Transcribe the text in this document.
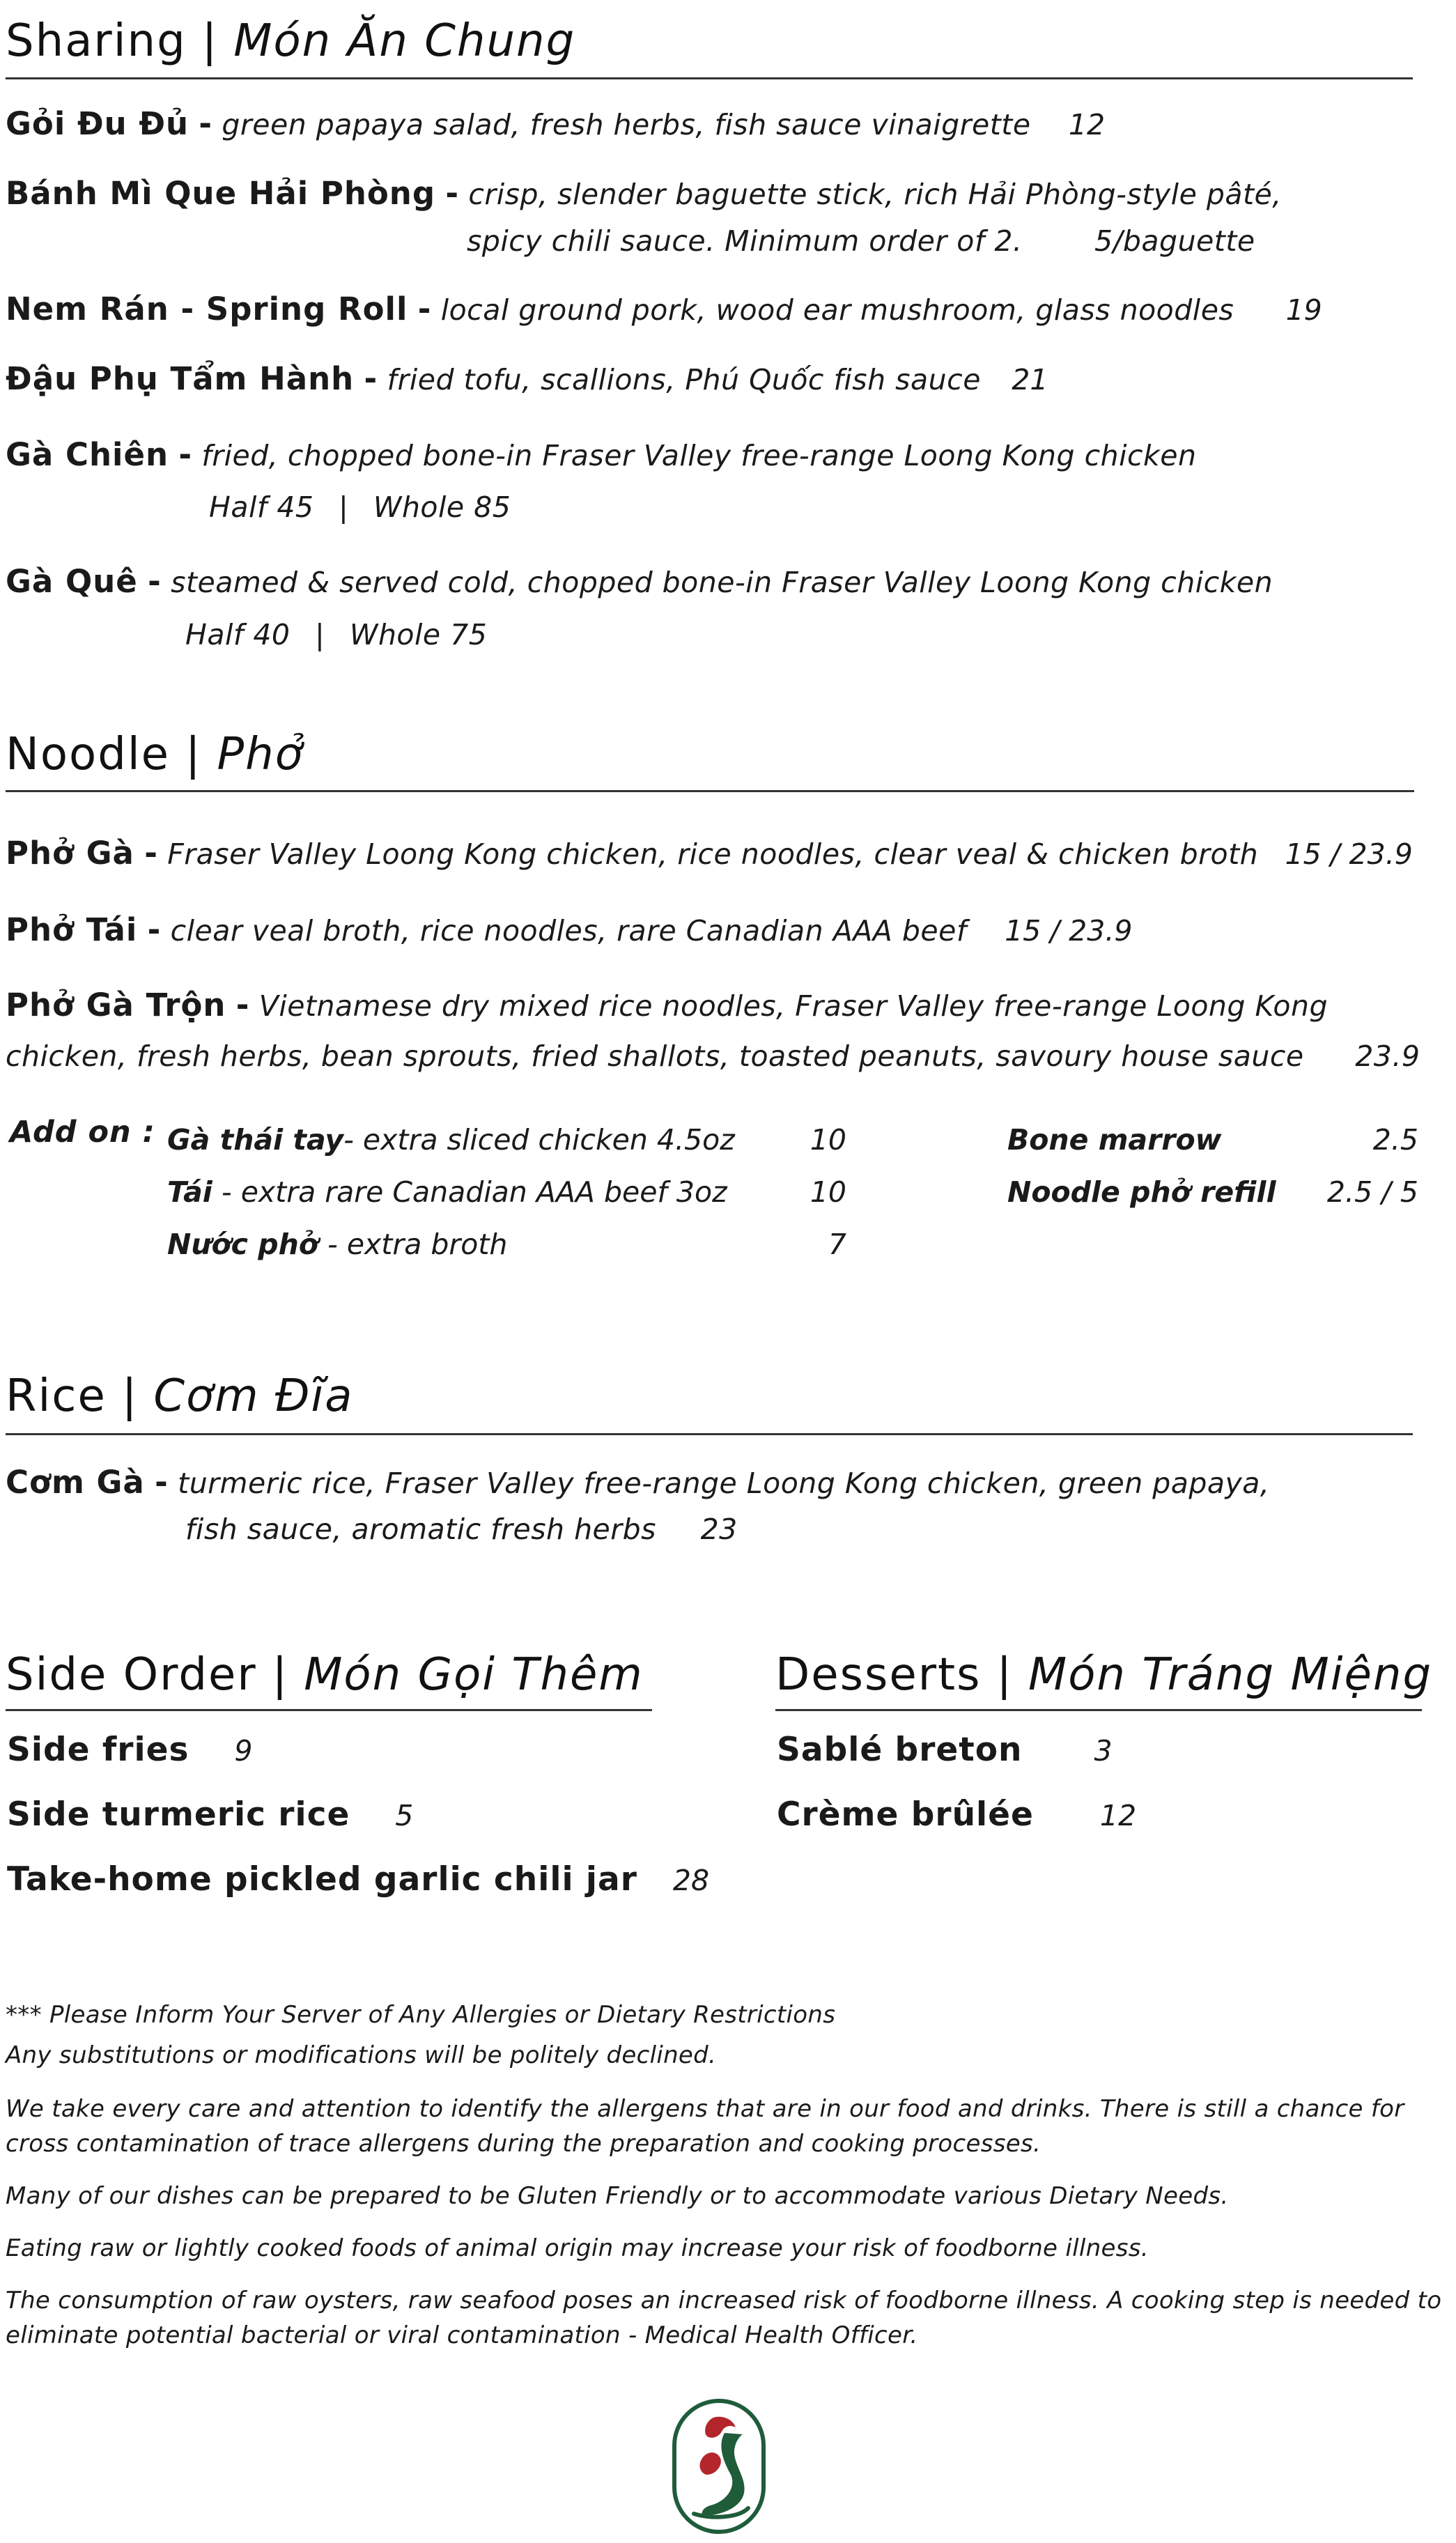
Sharing | Món Ăn Chung
Gỏi Đu Đủ - green papaya salad, fresh herbs, fish sauce vinaigrette 12
Bánh Mì Que Hải Phòng - crisp, slender baguette stick, rich Hải Phòng-style pâté,
spicy chili sauce. Minimum order of 2.	5/baguette
Nem Rán - Spring Roll - local ground pork, wood ear mushroom, glass noodles 19
Đậu Phụ Tẩm Hành - fried tofu, scallions, Phú Quốc fish sauce 21
Gà Chiên - fried, chopped bone-in Fraser Valley free-range Loong Kong chicken
Half 45 | Whole 85
Gà Quê - steamed & served cold, chopped bone-in Fraser Valley Loong Kong chicken
Half 40 | Whole 75
Noodle | Phở
Phở Gà - Fraser Valley Loong Kong chicken, rice noodles, clear veal & chicken broth 15 / 23.9
Phở Tái - clear veal broth, rice noodles, rare Canadian AAA beef 15 / 23.9
Phở Gà Trộn - Vietnamese dry mixed rice noodles, Fraser Valley free-range Loong Kong
chicken, fresh herbs, bean sprouts, fried shallots, toasted peanuts, savoury house sauce 23.9
Add on : Gà thái tay- extra sliced chicken 4.5oz	10
Tái - extra rare Canadian AAA beef 3oz	10
Nước phở - extra broth	7
Bone marrow	2.5
Noodle phở refill	2.5 / 5
Rice | Cơm Đĩa
Cơm Gà - turmeric rice, Fraser Valley free-range Loong Kong chicken, green papaya,
fish sauce, aromatic fresh herbs 23
Side Order | Món Gọi Thêm
Side fries 9
Side turmeric rice 5
Take-home pickled garlic chili jar 28
Desserts | Món Tráng Miệng
Sablé breton	3
Crème brûlée 12
*** Please Inform Your Server of Any Allergies or Dietary Restrictions
Any substitutions or modifications will be politely declined.
We take every care and attention to identify the allergens that are in our food and drinks. There is still a chance for
cross contamination of trace allergens during the preparation and cooking processes.
Many of our dishes can be prepared to be Gluten Friendly or to accommodate various Dietary Needs.
Eating raw or lightly cooked foods of animal origin may increase your risk of foodborne illness.
The consumption of raw oysters, raw seafood poses an increased risk of foodborne illness. A cooking step is needed to
eliminate potential bacterial or viral contamination - Medical Health Officer.
